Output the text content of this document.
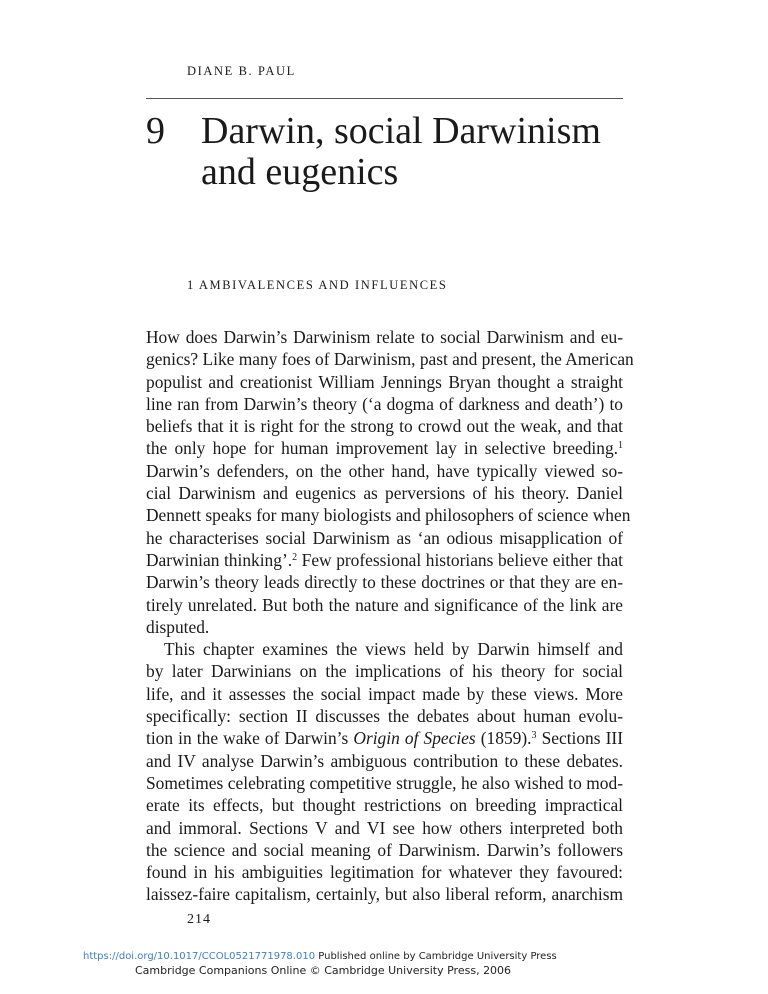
DIANE B. PAUL
9 Darwin, social Darwinism
and eugenics
1 AMBIVALENCES AND INFLUENCES
How does Darwin’s Darwinism relate to social Darwinism and eu-
genics? Like many foes of Darwinism, past and present, the American
populist and creationist William Jennings Bryan thought a straight
line ran from Darwin’s theory (‘a dogma of darkness and death’) to
beliefs that it is right for the strong to crowd out the weak, and that
the only hope for human improvement lay in selective breeding.$^1$
Darwin’s defenders, on the other hand, have typically viewed so-
cial Darwinism and eugenics as perversions of his theory. Daniel
Dennett speaks for many biologists and philosophers of science when
he characterises social Darwinism as ‘an odious misapplication of
Darwinian thinking’.$^2$ Few professional historians believe either that
Darwin’s theory leads directly to these doctrines or that they are en-
tirely unrelated. But both the nature and significance of the link are
disputed.
This chapter examines the views held by Darwin himself and
by later Darwinians on the implications of his theory for social
life, and it assesses the social impact made by these views. More
specifically: section II discusses the debates about human evolu-
tion in the wake of Darwin’s Origin of Species (1859).$^3$ Sections III
and IV analyse Darwin’s ambiguous contribution to these debates.
Sometimes celebrating competitive struggle, he also wished to mod-
erate its effects, but thought restrictions on breeding impractical
and immoral. Sections V and VI see how others interpreted both
the science and social meaning of Darwinism. Darwin’s followers
found in his ambiguities legitimation for whatever they favoured:
laissez-faire capitalism, certainly, but also liberal reform, anarchism
214
https://doi.org/10.1017/CCOL0521771978.010 Published online by Cambridge University Press
Cambridge Companions Online © Cambridge University Press, 2006
